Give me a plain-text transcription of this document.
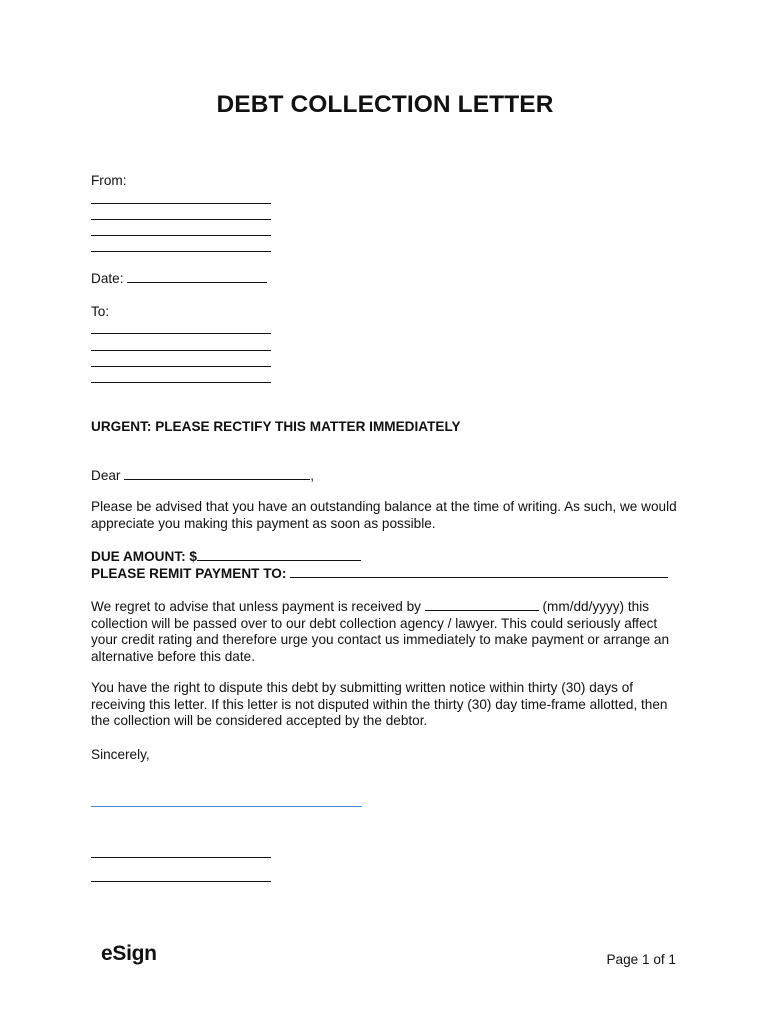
DEBT COLLECTION LETTER

From:

Date:

To:

URGENT: PLEASE RECTIFY THIS MATTER IMMEDIATELY

Dear	,

Please be advised that you have an outstanding balance at the time of writing. As such, we would appreciate you making this payment as soon as possible.

DUE AMOUNT: $

PLEASE REMIT PAYMENT TO:

We regret to advise that unless payment is received by	(mm/dd/yyyy) this collection will be passed over to our debt collection agency / lawyer. This could seriously affect your credit rating and therefore urge you contact us immediately to make payment or arrange an alternative before this date.

You have the right to dispute this debt by submitting written notice within thirty (30) days of receiving this letter. If this letter is not disputed within the thirty (30) day time-frame allotted, then the collection will be considered accepted by the debtor.

Sincerely,

eSign	Page 1 of 1
